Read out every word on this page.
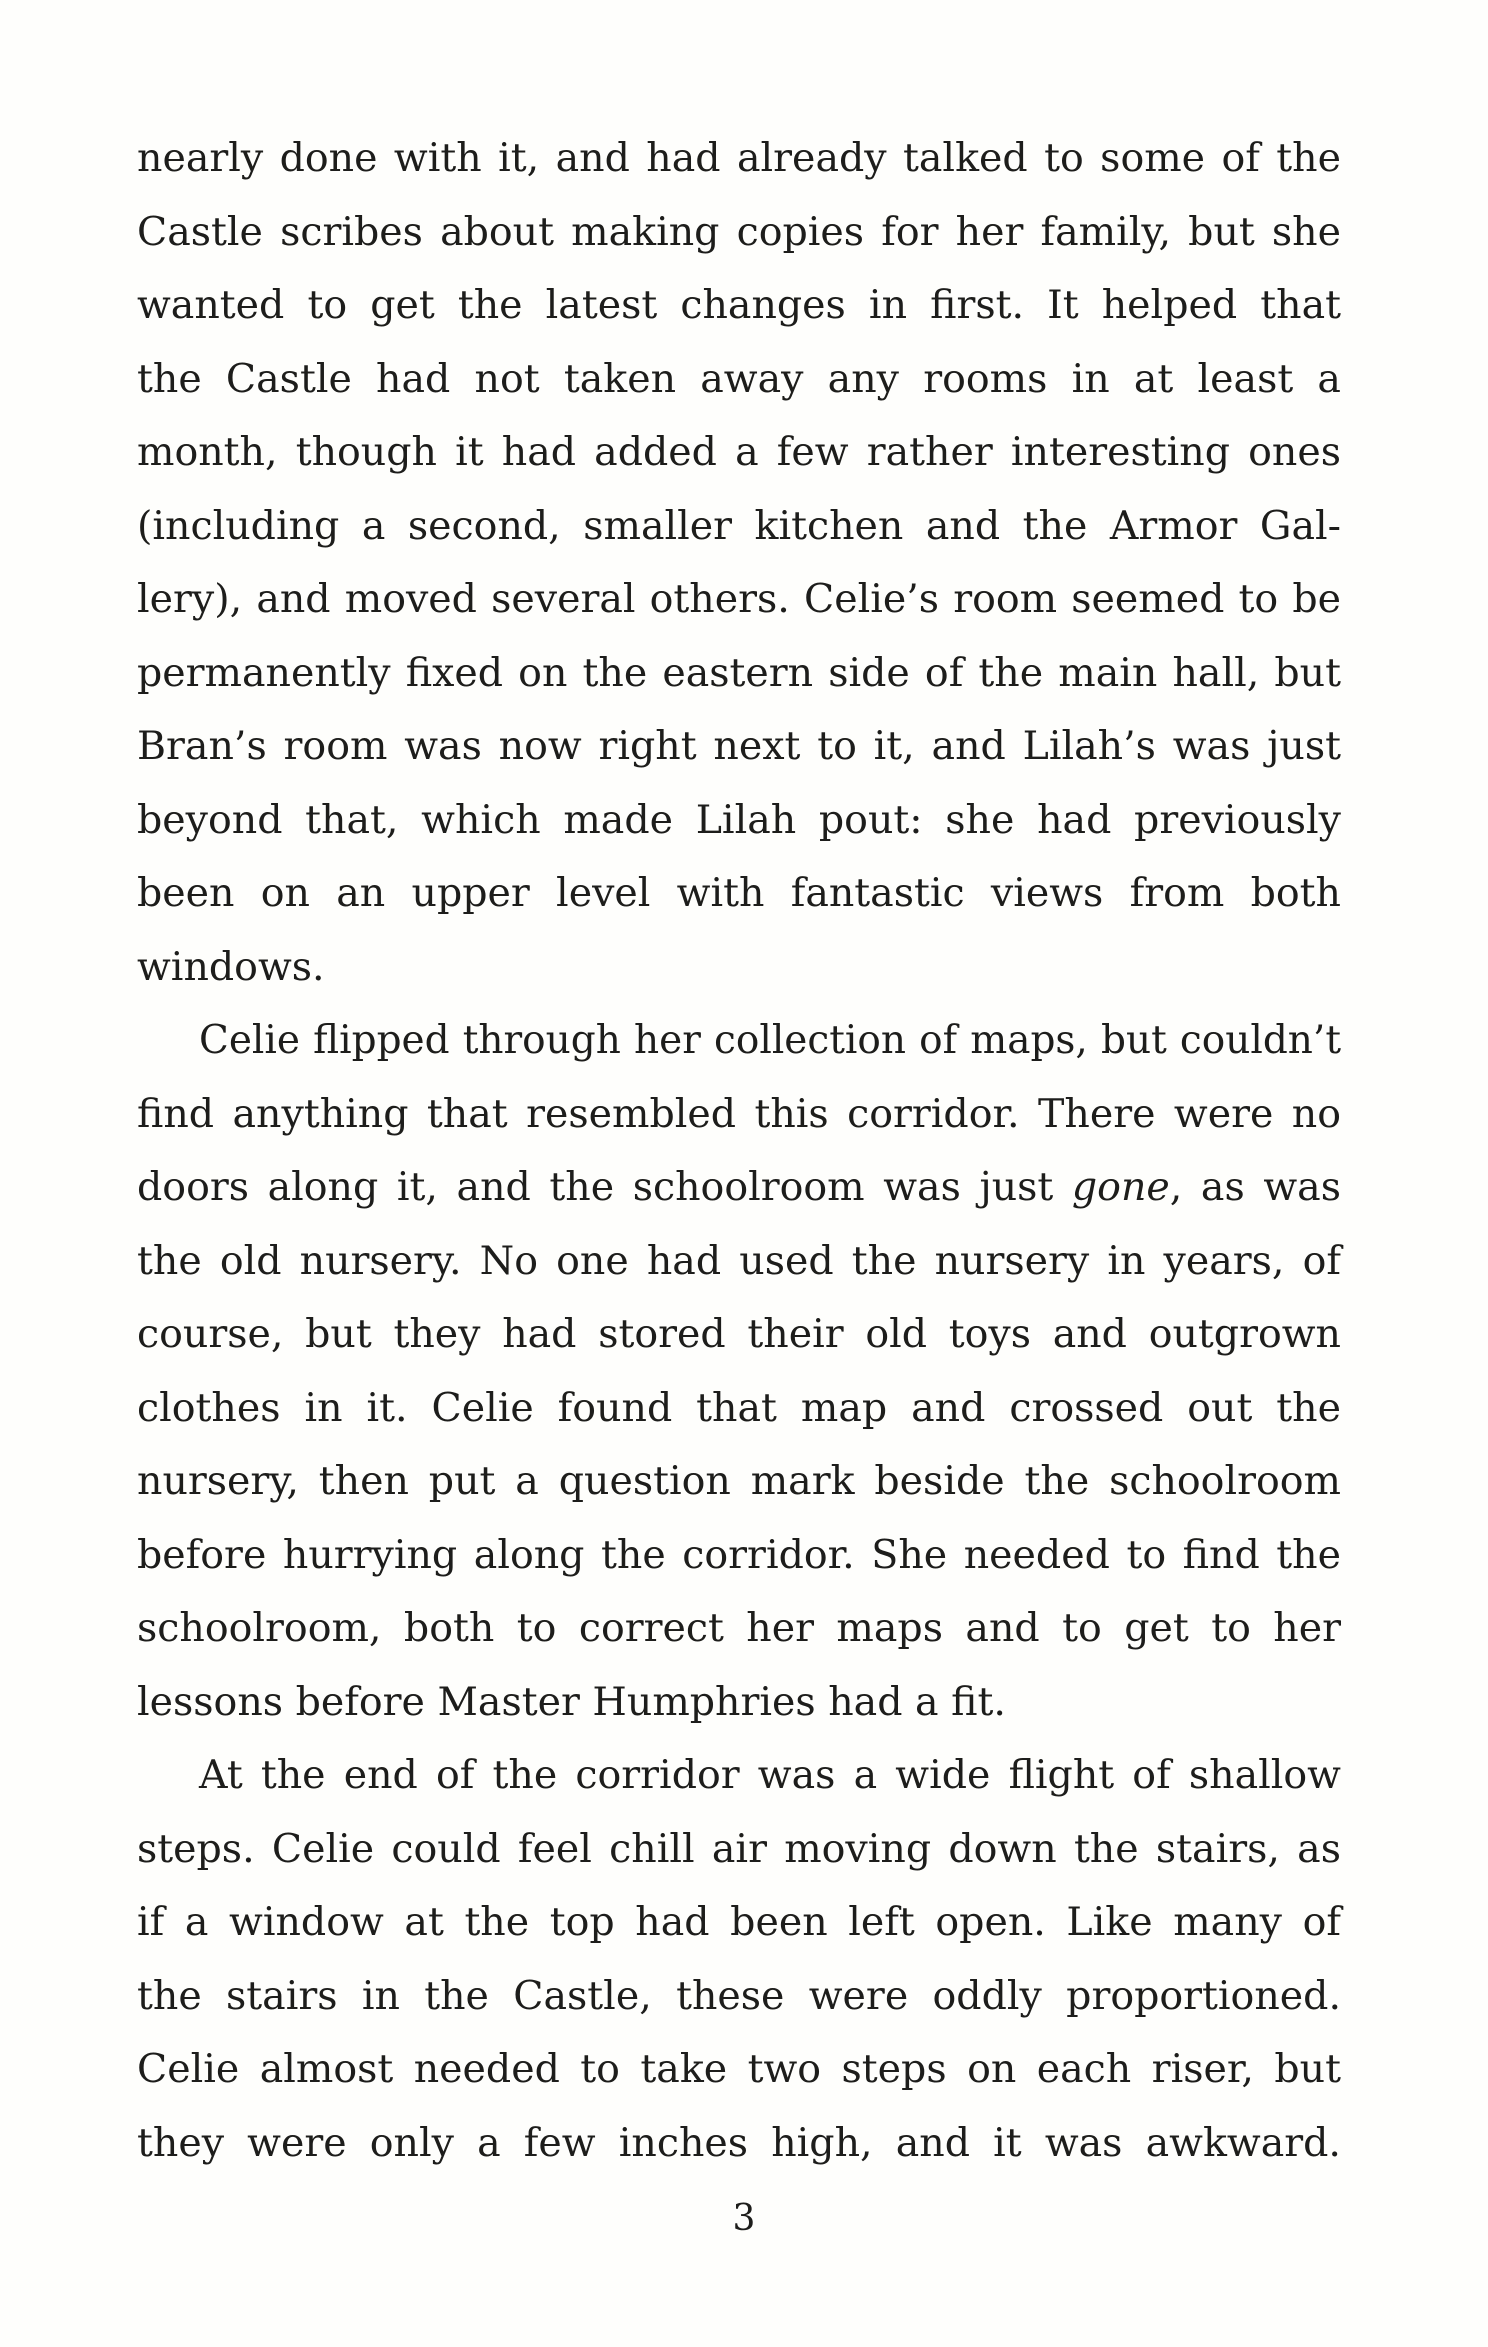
nearly done with it, and had already talked to some of the
Castle scribes about making copies for her family, but she
wanted to get the latest changes in first. It helped that
the Castle had not taken away any rooms in at least a
month, though it had added a few rather interesting ones
(including a second, smaller kitchen and the Armor Gal-
lery), and moved several others. Celie’s room seemed to be
permanently fixed on the eastern side of the main hall, but
Bran’s room was now right next to it, and Lilah’s was just
beyond that, which made Lilah pout: she had previously
been on an upper level with fantastic views from both
windows.
Celie flipped through her collection of maps, but couldn’t
find anything that resembled this corridor. There were no
doors along it, and the schoolroom was just gone, as was
the old nursery. No one had used the nursery in years, of
course, but they had stored their old toys and outgrown
clothes in it. Celie found that map and crossed out the
nursery, then put a question mark beside the schoolroom
before hurrying along the corridor. She needed to find the
schoolroom, both to correct her maps and to get to her
lessons before Master Humphries had a fit.
At the end of the corridor was a wide flight of shallow
steps. Celie could feel chill air moving down the stairs, as
if a window at the top had been left open. Like many of
the stairs in the Castle, these were oddly proportioned.
Celie almost needed to take two steps on each riser, but
they were only a few inches high, and it was awkward.
3
